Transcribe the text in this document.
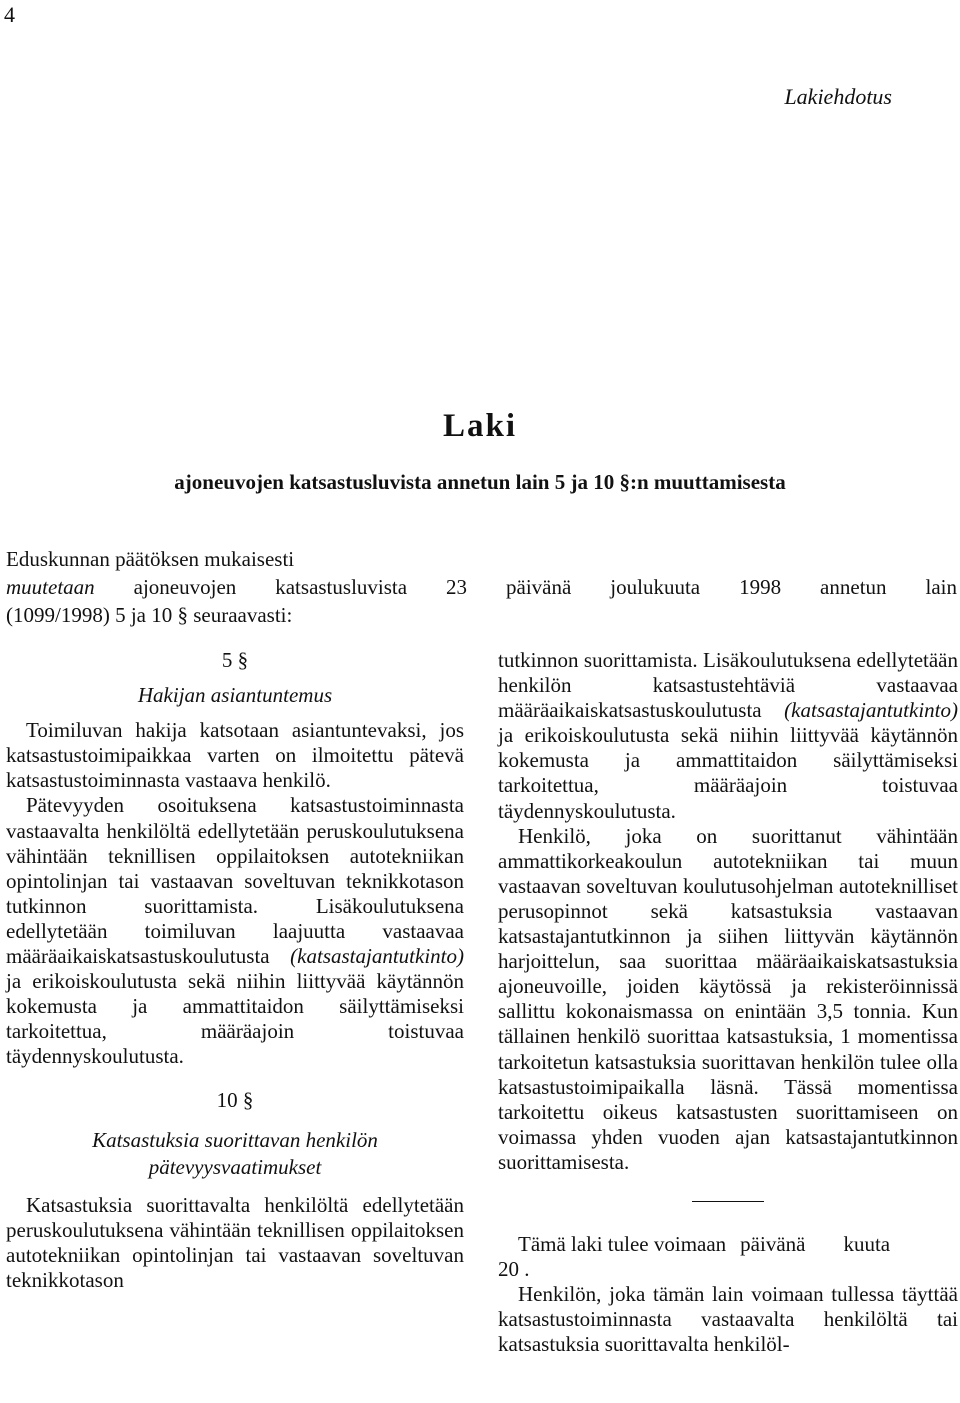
4
Lakiehdotus
Laki
ajoneuvojen katsastusluvista annetun lain 5 ja 10 §:n muuttamisesta
Eduskunnan päätöksen mukaisesti
muutetaan ajoneuvojen katsastusluvista 23 päivänä joulukuuta 1998 annetun lain
(1099/1998) 5 ja 10 § seuraavasti:
5 §
Hakijan asiantuntemus

Toimiluvan hakija katsotaan asiantuntevaksi, jos katsastustoimipaikkaa varten on ilmoitettu pätevä katsastustoiminnasta vastaava henkilö.

Pätevyyden osoituksena katsastustoiminnasta vastaavalta henkilöltä edellytetään peruskoulutuksena vähintään teknillisen oppilaitoksen autotekniikan opintolinjan tai vastaavan soveltuvan teknikkotason tutkinnon suorittamista. Lisäkoulutuksena edellytetään toimiluvan laajuutta vastaavaa määräaikaiskatsastuskoulutusta (katsastajantutkinto) ja erikoiskoulutusta sekä niihin liittyvää käytännön kokemusta ja ammattitaidon säilyttämiseksi tarkoitettua, määräajoin toistuvaa täydennyskoulutusta.

10 §
Katsastuksia suorittavan henkilön pätevyysvaatimukset

Katsastuksia suorittavalta henkilöltä edellytetään peruskoulutuksena vähintään teknillisen oppilaitoksen autotekniikan opintolinjan tai vastaavan soveltuvan teknikkotason

tutkinnon suorittamista. Lisäkoulutuksena edellytetään henkilön katsastustehtäviä vastaavaa määräaikaiskatsastuskoulutusta (katsastajantutkinto) ja erikoiskoulutusta sekä niihin liittyvää käytännön kokemusta ja ammattitaidon säilyttämiseksi tarkoitettua, määräajoin toistuvaa täydennyskoulutusta.

Henkilö, joka on suorittanut vähintään ammattikorkeakoulun autotekniikan tai muun vastaavan soveltuvan koulutusohjelman autoteknilliset perusopinnot sekä katsastuksia vastaavan katsastajantutkinnon ja siihen liittyvän käytännön harjoittelun, saa suorittaa määräaikaiskatsastuksia ajoneuvoille, joiden käytössä ja rekisteröinnissä sallittu kokonaismassa on enintään 3,5 tonnia. Kun tällainen henkilö suorittaa katsastuksia, 1 momentissa tarkoitetun katsastuksia suorittavan henkilön tulee olla katsastustoimipaikalla läsnä. Tässä momentissa tarkoitettu oikeus katsastusten suorittamiseen on voimassa yhden vuoden ajan katsastajantutkinnon suorittamisesta.

Tämä laki tulee voimaan päivänä kuuta
20 .

Henkilön, joka tämän lain voimaan tullessa täyttää katsastustoiminnasta vastaavalta henkilöltä tai katsastuksia suorittavalta henkilöl-
